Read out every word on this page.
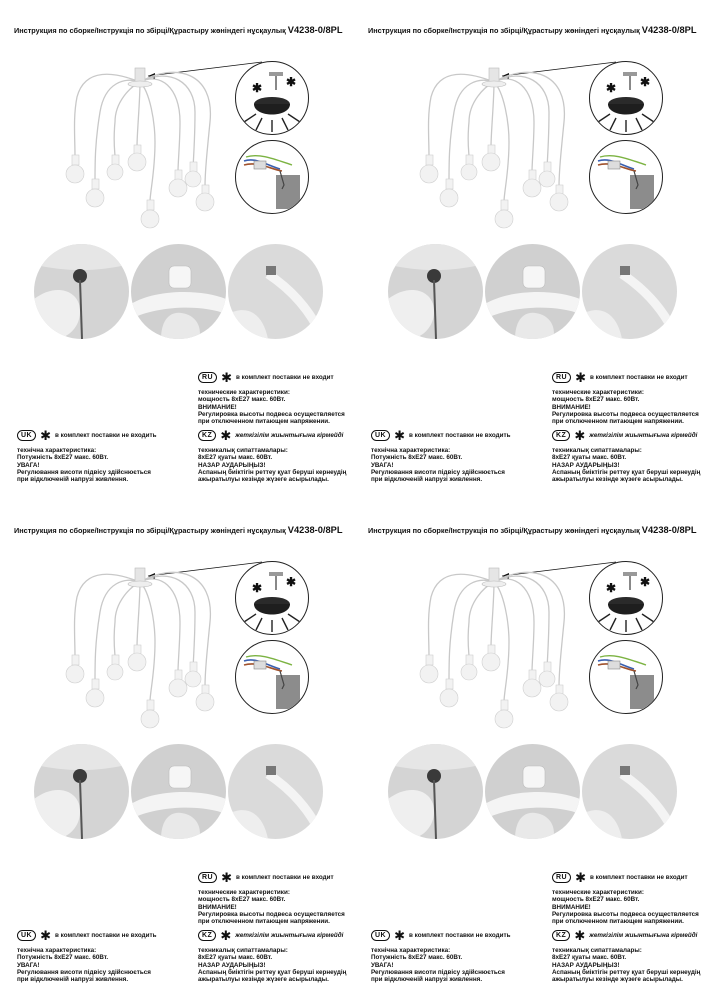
Инструкция по сборке/Інструкція по збірці/Құрастыру жөніндегі нұсқаулық V4238-0/8PL
✱ ✱
RU ✱ в комплект поставки не входит
технические характеристики:
мощность 8xE27 макс. 60Вт.
ВНИМАНИЕ!
Регулировка высоты подвеса осуществляется
при отключенном питающем напряжении.
UK ✱ в комплект поставки не входить
технічна характеристика:
Потужність 8xE27 макс. 60Вт.
УВАГА!
Регулювання висоти підвісу здійснюється
при відключеній напрузі живлення.
KZ ✱ жеткізілім жиынтығына кірмейді
техникалық сипаттамалары:
8xE27 қуаты макс. 60Вт.
НАЗАР АУДАРЫҢЫЗ!
Аспаның биіктігін реттеу қуат беруші кернеудің
ажыратылуы кезінде жүзеге асырылады.
Инструкция по сборке/Інструкція по збірці/Құрастыру жөніндегі нұсқаулық V4238-0/8PL
✱ ✱
RU ✱ в комплект поставки не входит
технические характеристики:
мощность 8xE27 макс. 60Вт.
ВНИМАНИЕ!
Регулировка высоты подвеса осуществляется
при отключенном питающем напряжении.
UK ✱ в комплект поставки не входить
технічна характеристика:
Потужність 8xE27 макс. 60Вт.
УВАГА!
Регулювання висоти підвісу здійснюється
при відключеній напрузі живлення.
KZ ✱ жеткізілім жиынтығына кірмейді
техникалық сипаттамалары:
8xE27 қуаты макс. 60Вт.
НАЗАР АУДАРЫҢЫЗ!
Аспаның биіктігін реттеу қуат беруші кернеудің
ажыратылуы кезінде жүзеге асырылады.
Инструкция по сборке/Інструкція по збірці/Құрастыру жөніндегі нұсқаулық V4238-0/8PL
✱ ✱
RU ✱ в комплект поставки не входит
технические характеристики:
мощность 8xE27 макс. 60Вт.
ВНИМАНИЕ!
Регулировка высоты подвеса осуществляется
при отключенном питающем напряжении.
UK ✱ в комплект поставки не входить
технічна характеристика:
Потужність 8xE27 макс. 60Вт.
УВАГА!
Регулювання висоти підвісу здійснюється
при відключеній напрузі живлення.
KZ ✱ жеткізілім жиынтығына кірмейді
техникалық сипаттамалары:
8xE27 қуаты макс. 60Вт.
НАЗАР АУДАРЫҢЫЗ!
Аспаның биіктігін реттеу қуат беруші кернеудің
ажыратылуы кезінде жүзеге асырылады.
Инструкция по сборке/Інструкція по збірці/Құрастыру жөніндегі нұсқаулық V4238-0/8PL
✱ ✱
RU ✱ в комплект поставки не входит
технические характеристики:
мощность 8xE27 макс. 60Вт.
ВНИМАНИЕ!
Регулировка высоты подвеса осуществляется
при отключенном питающем напряжении.
UK ✱ в комплект поставки не входить
технічна характеристика:
Потужність 8xE27 макс. 60Вт.
УВАГА!
Регулювання висоти підвісу здійснюється
при відключеній напрузі живлення.
KZ ✱ жеткізілім жиынтығына кірмейді
техникалық сипаттамалары:
8xE27 қуаты макс. 60Вт.
НАЗАР АУДАРЫҢЫЗ!
Аспаның биіктігін реттеу қуат беруші кернеудің
ажыратылуы кезінде жүзеге асырылады.
